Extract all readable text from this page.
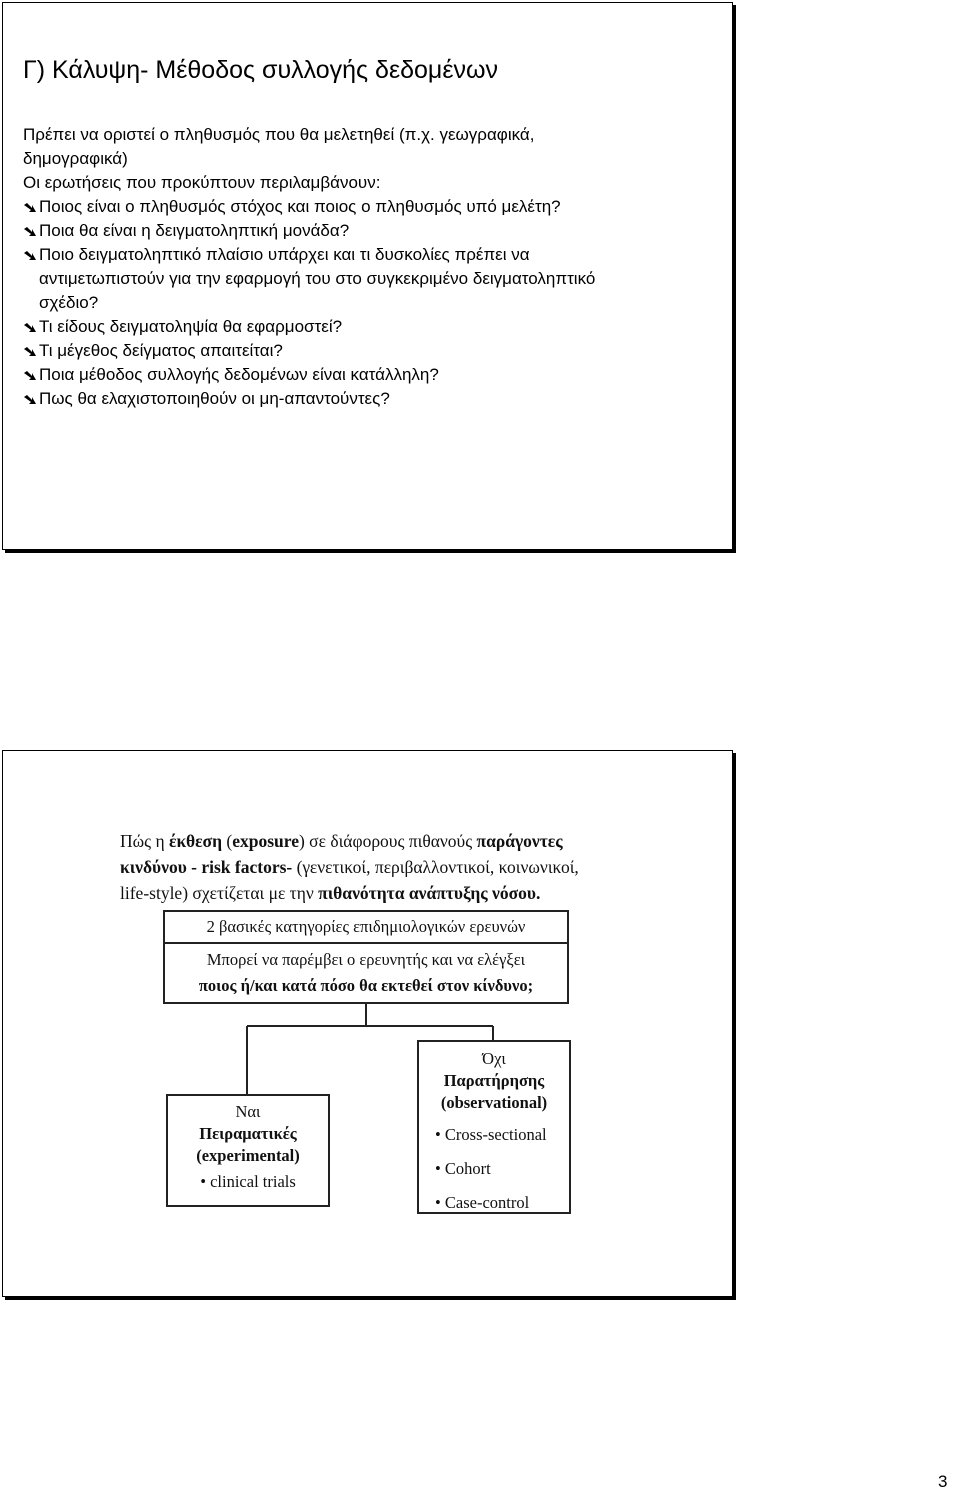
Γ) Κάλυψη- Μέθοδος συλλογής δεδομένων
Πρέπει να οριστεί ο πληθυσμός που θα μελετηθεί (π.χ. γεωγραφικά,
δημογραφικά)
Οι ερωτήσεις που προκύπτουν περιλαμβάνουν:
Ποιος είναι ο πληθυσμός στόχος και ποιος ο πληθυσμός υπό μελέτη?
Ποια θα είναι η δειγματοληπτική μονάδα?
Ποιο δειγματοληπτικό πλαίσιο υπάρχει και τι δυσκολίες πρέπει να
αντιμετωπιστούν για την εφαρμογή του στο συγκεκριμένο δειγματοληπτικό
σχέδιο?
Τι είδους δειγματοληψία θα εφαρμοστεί?
Τι μέγεθος δείγματος απαιτείται?
Ποια μέθοδος συλλογής δεδομένων είναι κατάλληλη?
Πως θα ελαχιστοποιηθούν οι μη-απαντούντες?
Πώς η έκθεση (exposure) σε διάφορους πιθανούς παράγοντες
κινδύνου - risk factors- (γενετικοί, περιβαλλοντικοί, κοινωνικοί,
life-style) σχετίζεται με την πιθανότητα ανάπτυξης νόσου.
2 βασικές κατηγορίες επιδημιολογικών ερευνών
Μπορεί να παρέμβει ο ερευνητής και να ελέγξει
ποιος ή/και κατά πόσο θα εκτεθεί στον κίνδυνο;
Ναι
Πειραματικές
(experimental)
• clinical trials
Όχι
Παρατήρησης
(observational)
• Cross-sectional
• Cohort
• Case-control
3
